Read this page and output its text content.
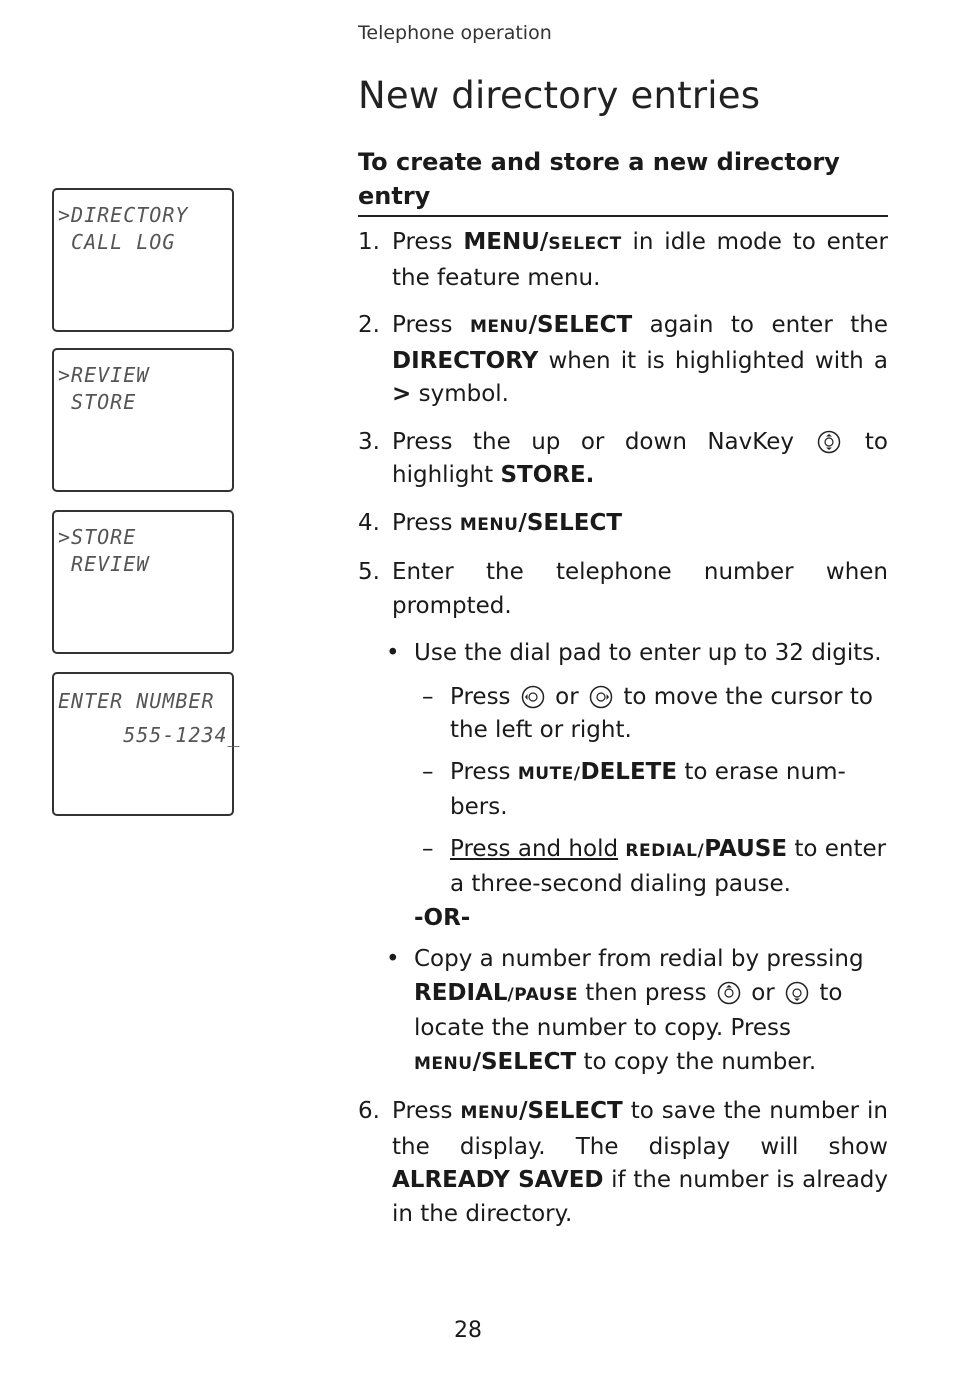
Telephone operation
New directory entries
To create and store a new directory entry
>DIRECTORY
CALL LOG
>REVIEW
STORE
>STORE
REVIEW
ENTER NUMBER
555-1234_
1. Press MENU/SELECT in idle mode to enter the feature menu.
2. Press MENU/SELECT again to enter the DIRECTORY when it is highlighted with a > symbol.
3. Press the up or down NavKey	to highlight STORE.
4. Press MENU/SELECT
5. Enter the telephone number when prompted.
• Use the dial pad to enter up to 32 digits.
– Press or to move the cursor to the left or right.
– Press MUTE/DELETE to erase num-bers.
– Press and hold REDIAL/PAUSE to enter a three-second dialing pause.
-OR-
• Copy a number from redial by pressing REDIAL/PAUSE then press or to locate the number to copy. Press MENU/SELECT to copy the number.
6. Press MENU/SELECT to save the number in the display. The display will show ALREADY SAVED if the number is already in the directory.
28
